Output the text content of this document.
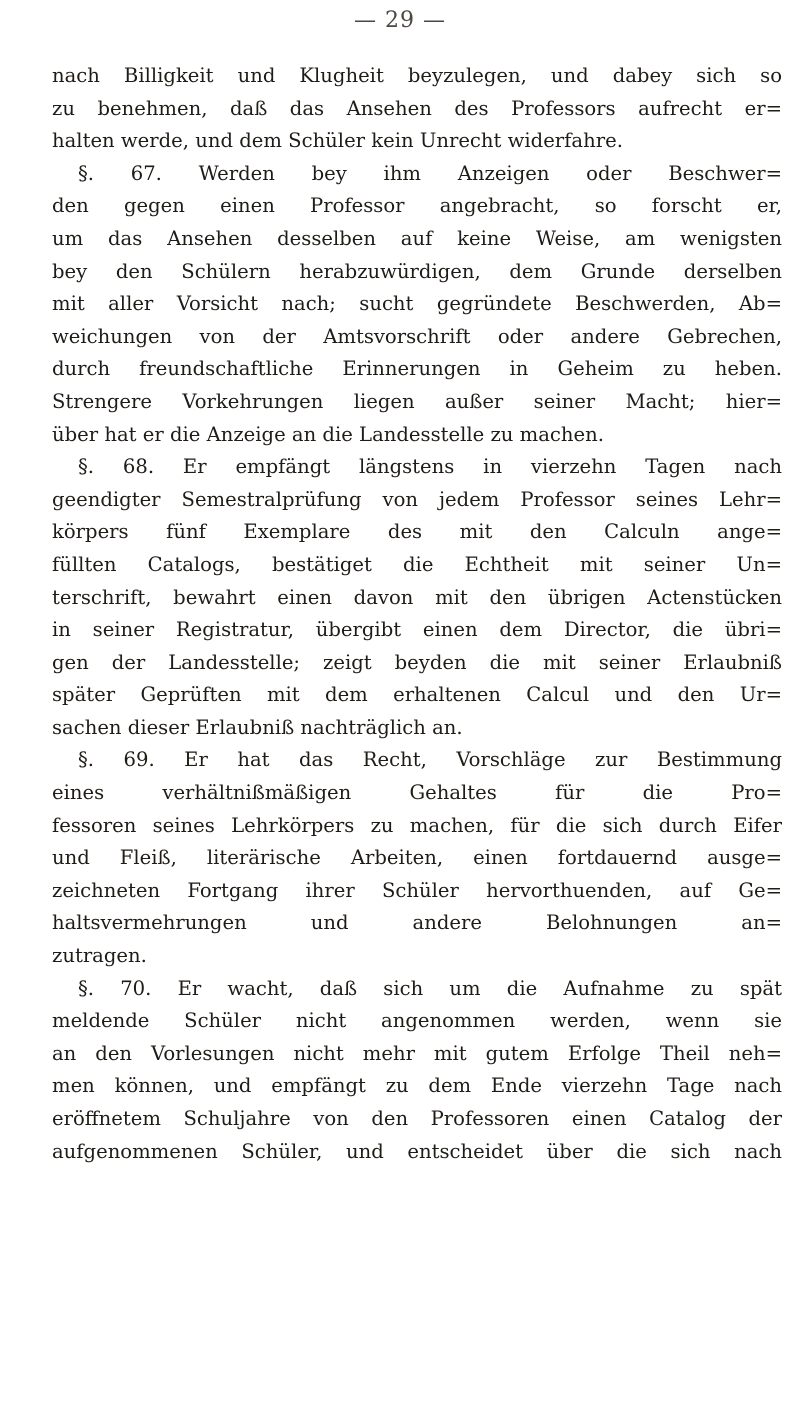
— 29 —
nach Billigkeit und Klugheit beyzulegen, und dabey sich so
zu benehmen, daß das Ansehen des Professors aufrecht er=
halten werde, und dem Schüler kein Unrecht widerfahre.
§. 67. Werden bey ihm Anzeigen oder Beschwer=
den gegen einen Professor angebracht, so forscht er,
um das Ansehen desselben auf keine Weise, am wenigsten
bey den Schülern herabzuwürdigen, dem Grunde derselben
mit aller Vorsicht nach; sucht gegründete Beschwerden, Ab=
weichungen von der Amtsvorschrift oder andere Gebrechen,
durch freundschaftliche Erinnerungen in Geheim zu heben.
Strengere Vorkehrungen liegen außer seiner Macht; hier=
über hat er die Anzeige an die Landesstelle zu machen.
§. 68. Er empfängt längstens in vierzehn Tagen nach
geendigter Semestralprüfung von jedem Professor seines Lehr=
körpers fünf Exemplare des mit den Calculn ange=
füllten Catalogs, bestätiget die Echtheit mit seiner Un=
terschrift, bewahrt einen davon mit den übrigen Actenstücken
in seiner Registratur, übergibt einen dem Director, die übri=
gen der Landesstelle; zeigt beyden die mit seiner Erlaubniß
später Geprüften mit dem erhaltenen Calcul und den Ur=
sachen dieser Erlaubniß nachträglich an.
§. 69. Er hat das Recht, Vorschläge zur Bestimmung
eines verhältnißmäßigen Gehaltes für die Pro=
fessoren seines Lehrkörpers zu machen, für die sich durch Eifer
und Fleiß, literärische Arbeiten, einen fortdauernd ausge=
zeichneten Fortgang ihrer Schüler hervorthuenden, auf Ge=
haltsvermehrungen und andere Belohnungen an=
zutragen.
§. 70. Er wacht, daß sich um die Aufnahme zu spät
meldende Schüler nicht angenommen werden, wenn sie
an den Vorlesungen nicht mehr mit gutem Erfolge Theil neh=
men können, und empfängt zu dem Ende vierzehn Tage nach
eröffnetem Schuljahre von den Professoren einen Catalog der
aufgenommenen Schüler, und entscheidet über die sich nach
